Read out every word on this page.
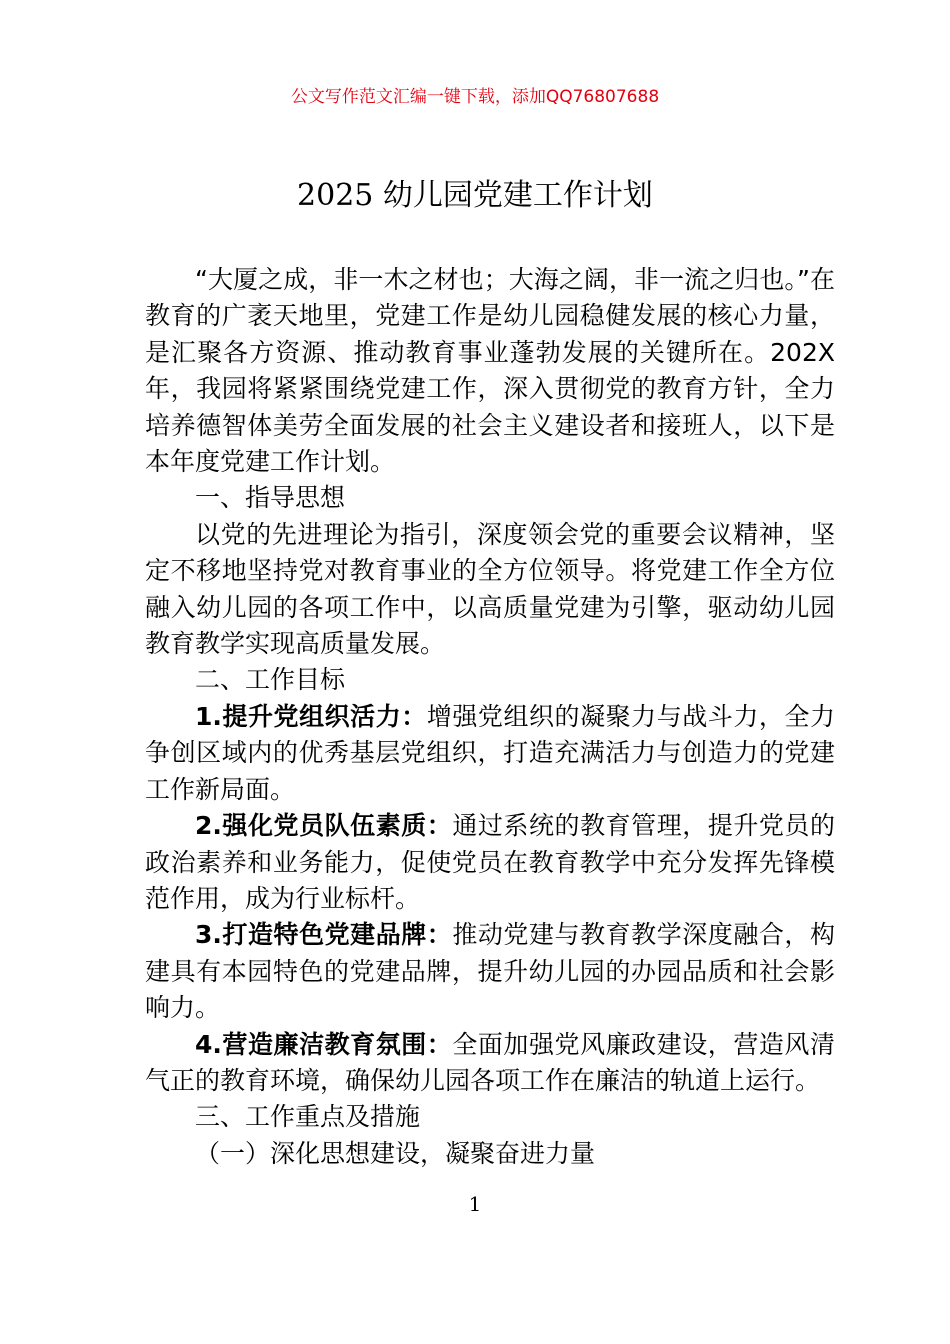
公文写作范文汇编一键下载，添加QQ76807688
2025 幼儿园党建工作计划

“大厦之成，非一木之材也；大海之阔，非一流之归也。”在教育的广袤天地里，党建工作是幼儿园稳健发展的核心力量，是汇聚各方资源、推动教育事业蓬勃发展的关键所在。202X 年，我园将紧紧围绕党建工作，深入贯彻党的教育方针，全力培养德智体美劳全面发展的社会主义建设者和接班人，以下是本年度党建工作计划。

一、指导思想

以党的先进理论为指引，深度领会党的重要会议精神，坚定不移地坚持党对教育事业的全方位领导。将党建工作全方位融入幼儿园的各项工作中，以高质量党建为引擎，驱动幼儿园教育教学实现高质量发展。

二、工作目标

1.提升党组织活力：增强党组织的凝聚力与战斗力，全力争创区域内的优秀基层党组织，打造充满活力与创造力的党建工作新局面。

2.强化党员队伍素质：通过系统的教育管理，提升党员的政治素养和业务能力，促使党员在教育教学中充分发挥先锋模范作用，成为行业标杆。

3.打造特色党建品牌：推动党建与教育教学深度融合，构建具有本园特色的党建品牌，提升幼儿园的办园品质和社会影响力。

4.营造廉洁教育氛围：全面加强党风廉政建设，营造风清气正的教育环境，确保幼儿园各项工作在廉洁的轨道上运行。

三、工作重点及措施

（一）深化思想建设，凝聚奋进力量

1
